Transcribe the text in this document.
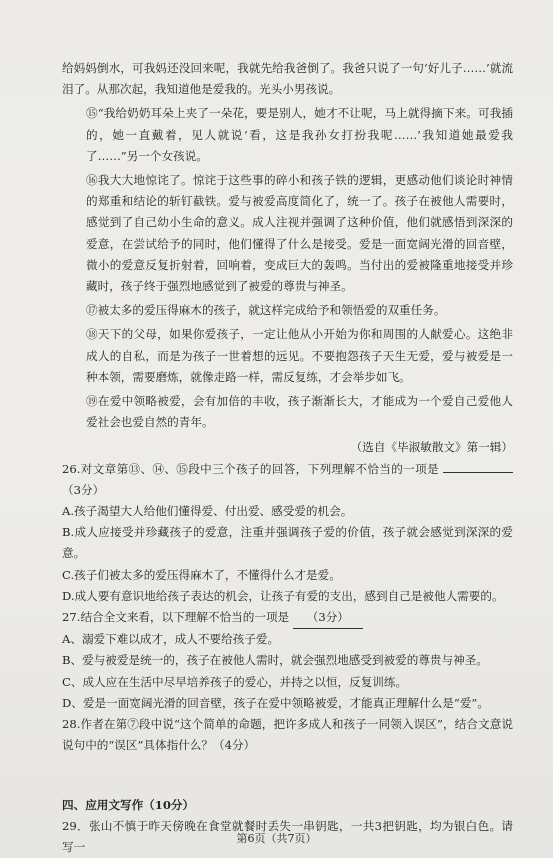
给妈妈倒水，可我妈还没回来呢，我就先给我爸倒了。我爸只说了一句‘好儿子……’就流泪了。从那次起，我知道他是爱我的。光头小男孩说。

⑮“我给奶奶耳朵上夹了一朵花，要是别人，她才不让呢，马上就得摘下来。可我插的，她一直戴着，见人就说‘看，这是我孙女打扮我呢……’我知道她最爱我了……”另一个女孩说。

⑯我大大地惊诧了。惊诧于这些事的碎小和孩子铁的逻辑，更感动他们谈论时神情的郑重和结论的斩钉截铁。爱与被爱高度简化了，统一了。孩子在被他人需要时，感觉到了自己幼小生命的意义。成人注视并强调了这种价值，他们就感悟到深深的爱意，在尝试给予的同时，他们懂得了什么是接受。爱是一面宽阔光滑的回音壁，微小的爱意反复折射着，回响着，变成巨大的轰鸣。当付出的爱被隆重地接受并珍藏时，孩子终于强烈地感觉到了被爱的尊贵与神圣。

⑰被太多的爱压得麻木的孩子，就这样完成给予和领悟爱的双重任务。

⑱天下的父母，如果你爱孩子，一定让他从小开始为你和周围的人献爱心。这绝非成人的自私，而是为孩子一世着想的远见。不要抱怨孩子天生无爱，爱与被爱是一种本领，需要磨炼，就像走路一样，需反复练，才会举步如飞。

⑲在爱中领略被爱，会有加倍的丰收，孩子渐渐长大，才能成为一个爱自己爱他人爱社会也爱自然的青年。

（选自《毕淑敏散文》第一辑）

26.对文章第⑬、⑭、⑮段中三个孩子的回答，下列理解不恰当的一项是 （3分）

A.孩子渴望大人给他们懂得爱、付出爱、感受爱的机会。

B.成人应接受并珍藏孩子的爱意，注重并强调孩子爱的价值，孩子就会感觉到深深的爱意。

C.孩子们被太多的爱压得麻木了，不懂得什么才是爱。

D.成人要有意识地给孩子表达的机会，让孩子有爱的支出，感到自己是被他人需要的。

27.结合全文来看，以下理解不恰当的一项是 （3分）

A、溺爱下难以成才，成人不要给孩子爱。

B、爱与被爱是统一的，孩子在被他人需时，就会强烈地感受到被爱的尊贵与神圣。

C、成人应在生活中尽早培养孩子的爱心，并持之以恒，反复训练。

D、爱是一面宽阔光滑的回音壁，孩子在爱中领略被爱，才能真正理解什么是“爱”。

28.作者在第⑦段中说“这个简单的命题，把许多成人和孩子一同领入误区”，结合文意说说句中的“误区”具体指什么？（4分）

四、应用文写作（10分）

29．张山不慎于昨天傍晚在食堂就餐时丢失一串钥匙，一共3把钥匙，均为银白色。请写一

第6页（共7页）
